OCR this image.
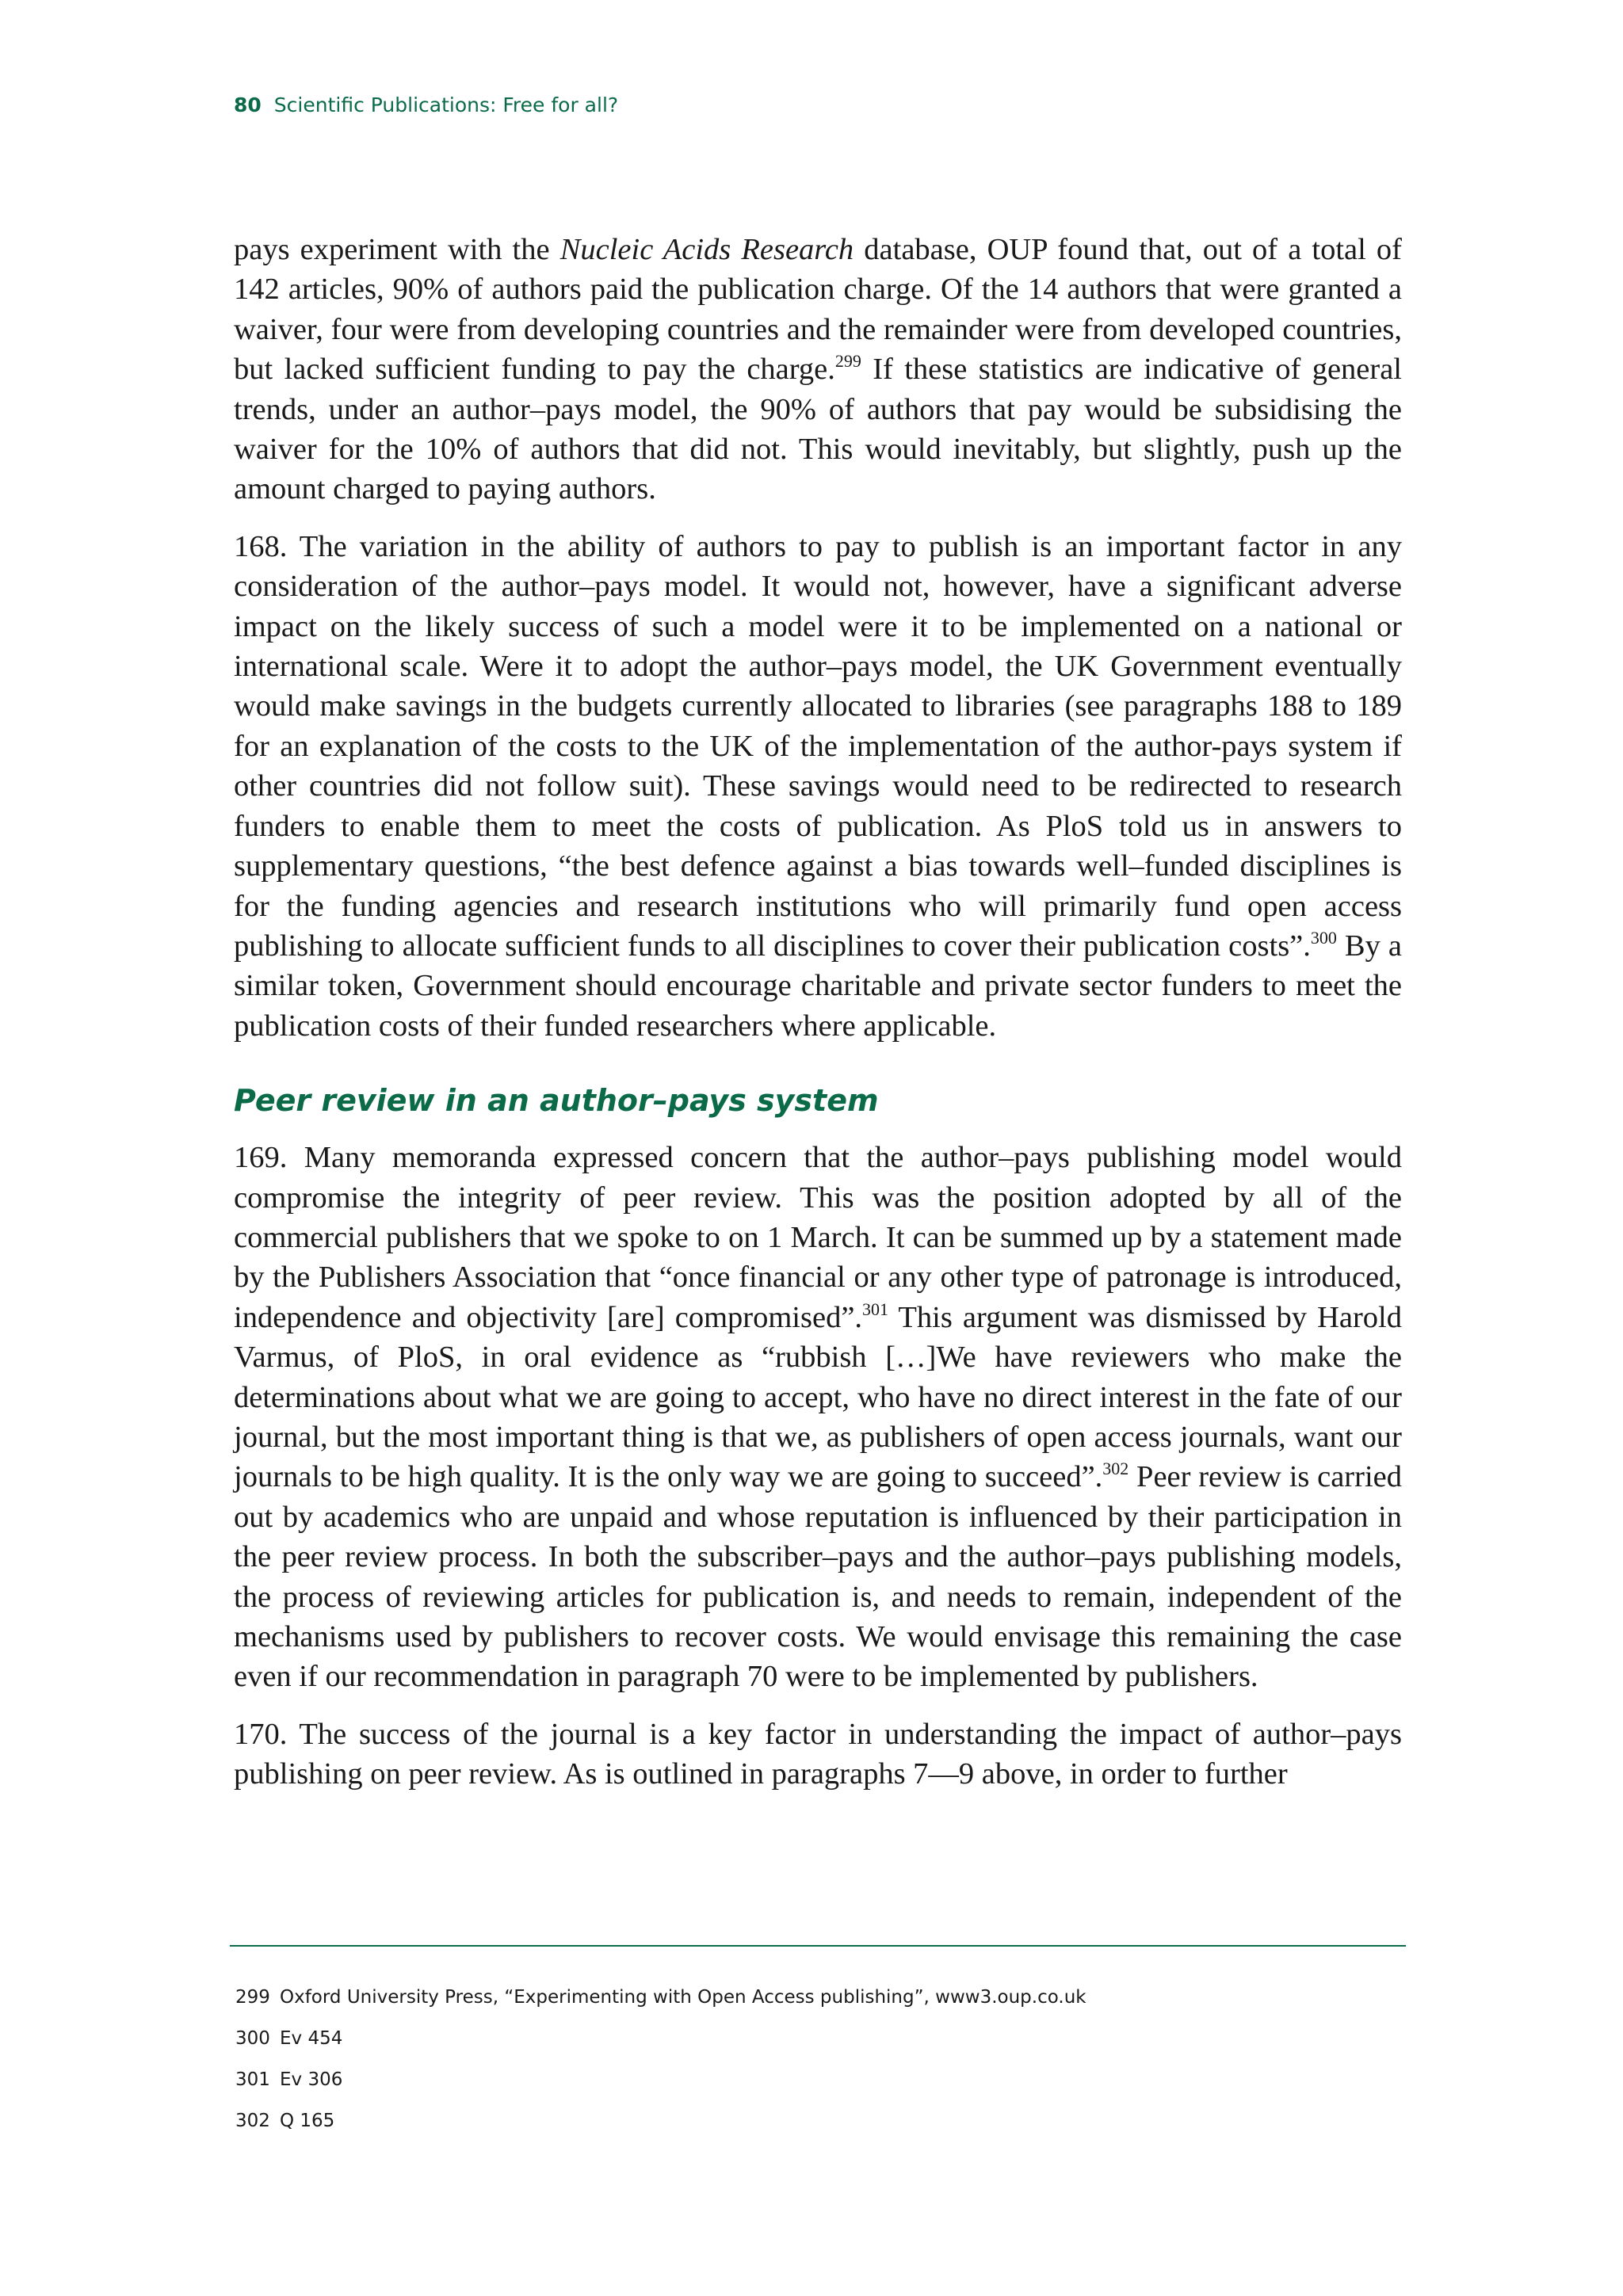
80 Scientific Publications: Free for all?

pays experiment with the Nucleic Acids Research database, OUP found that, out of a total of 142 articles, 90% of authors paid the publication charge. Of the 14 authors that were granted a waiver, four were from developing countries and the remainder were from developed countries, but lacked sufficient funding to pay the charge.$^{299}$ If these statistics are indicative of general trends, under an author–pays model, the 90% of authors that pay would be subsidising the waiver for the 10% of authors that did not. This would inevitably, but slightly, push up the amount charged to paying authors.

168. The variation in the ability of authors to pay to publish is an important factor in any consideration of the author–pays model. It would not, however, have a significant adverse impact on the likely success of such a model were it to be implemented on a national or international scale. Were it to adopt the author–pays model, the UK Government eventually would make savings in the budgets currently allocated to libraries (see paragraphs 188 to 189 for an explanation of the costs to the UK of the implementation of the author-pays system if other countries did not follow suit). These savings would need to be redirected to research funders to enable them to meet the costs of publication. As PloS told us in answers to supplementary questions, “the best defence against a bias towards well–funded disciplines is for the funding agencies and research institutions who will primarily fund open access publishing to allocate sufficient funds to all disciplines to cover their publication costs”.$^{300}$ By a similar token, Government should encourage charitable and private sector funders to meet the publication costs of their funded researchers where applicable.

Peer review in an author–pays system

169. Many memoranda expressed concern that the author–pays publishing model would compromise the integrity of peer review. This was the position adopted by all of the commercial publishers that we spoke to on 1 March. It can be summed up by a statement made by the Publishers Association that “once financial or any other type of patronage is introduced, independence and objectivity [are] compromised”.$^{301}$ This argument was dismissed by Harold Varmus, of PloS, in oral evidence as “rubbish […]We have reviewers who make the determinations about what we are going to accept, who have no direct interest in the fate of our journal, but the most important thing is that we, as publishers of open access journals, want our journals to be high quality. It is the only way we are going to succeed”.$^{302}$ Peer review is carried out by academics who are unpaid and whose reputation is influenced by their participation in the peer review process. In both the subscriber–pays and the author–pays publishing models, the process of reviewing articles for publication is, and needs to remain, independent of the mechanisms used by publishers to recover costs. We would envisage this remaining the case even if our recommendation in paragraph 70 were to be implemented by publishers.

170. The success of the journal is a key factor in understanding the impact of author–pays publishing on peer review. As is outlined in paragraphs 7—9 above, in order to further

299 Oxford University Press, “Experimenting with Open Access publishing”, www3.oup.co.uk
300 Ev 454
301 Ev 306
302 Q 165
